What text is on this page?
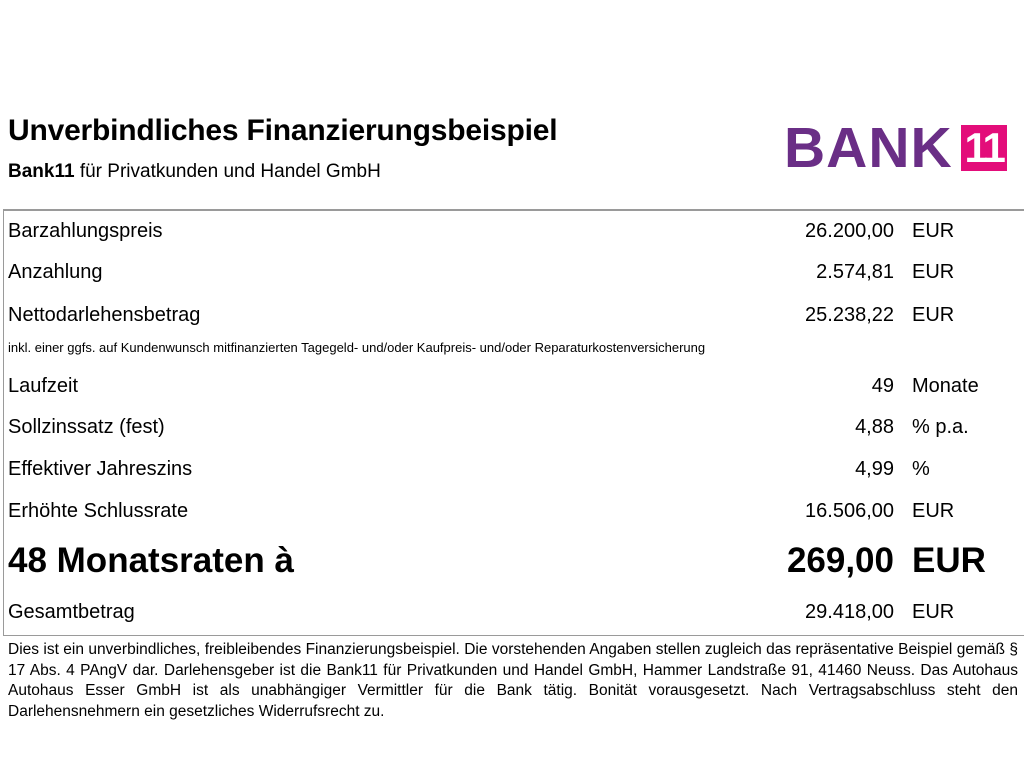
Unverbindliches Finanzierungsbeispiel
Bank11 für Privatkunden und Handel GmbH	BANK 11
Barzahlungspreis	26.200,00 EUR
Anzahlung	2.574,81 EUR
Nettodarlehensbetrag	25.238,22 EUR
inkl. einer ggfs. auf Kundenwunsch mitfinanzierten Tagegeld- und/oder Kaufpreis- und/oder Reparaturkostenversicherung
Laufzeit	49 Monate
Sollzinssatz (fest)	4,88 % p.a.
Effektiver Jahreszins	4,99 %
Erhöhte Schlussrate	16.506,00 EUR
48 Monatsraten à	269,00 EUR
Gesamtbetrag	29.418,00 EUR
Dies ist ein unverbindliches, freibleibendes Finanzierungsbeispiel. Die vorstehenden Angaben stellen zugleich das repräsentative Beispiel gemäß § 17 Abs. 4 PAngV dar. Darlehensgeber ist die Bank11 für Privatkunden und Handel GmbH, Hammer Landstraße 91, 41460 Neuss. Das Autohaus Autohaus Esser GmbH ist als unabhängiger Vermittler für die Bank tätig. Bonität vorausgesetzt. Nach Vertragsabschluss steht den Darlehensnehmern ein gesetzliches Widerrufsrecht zu.
